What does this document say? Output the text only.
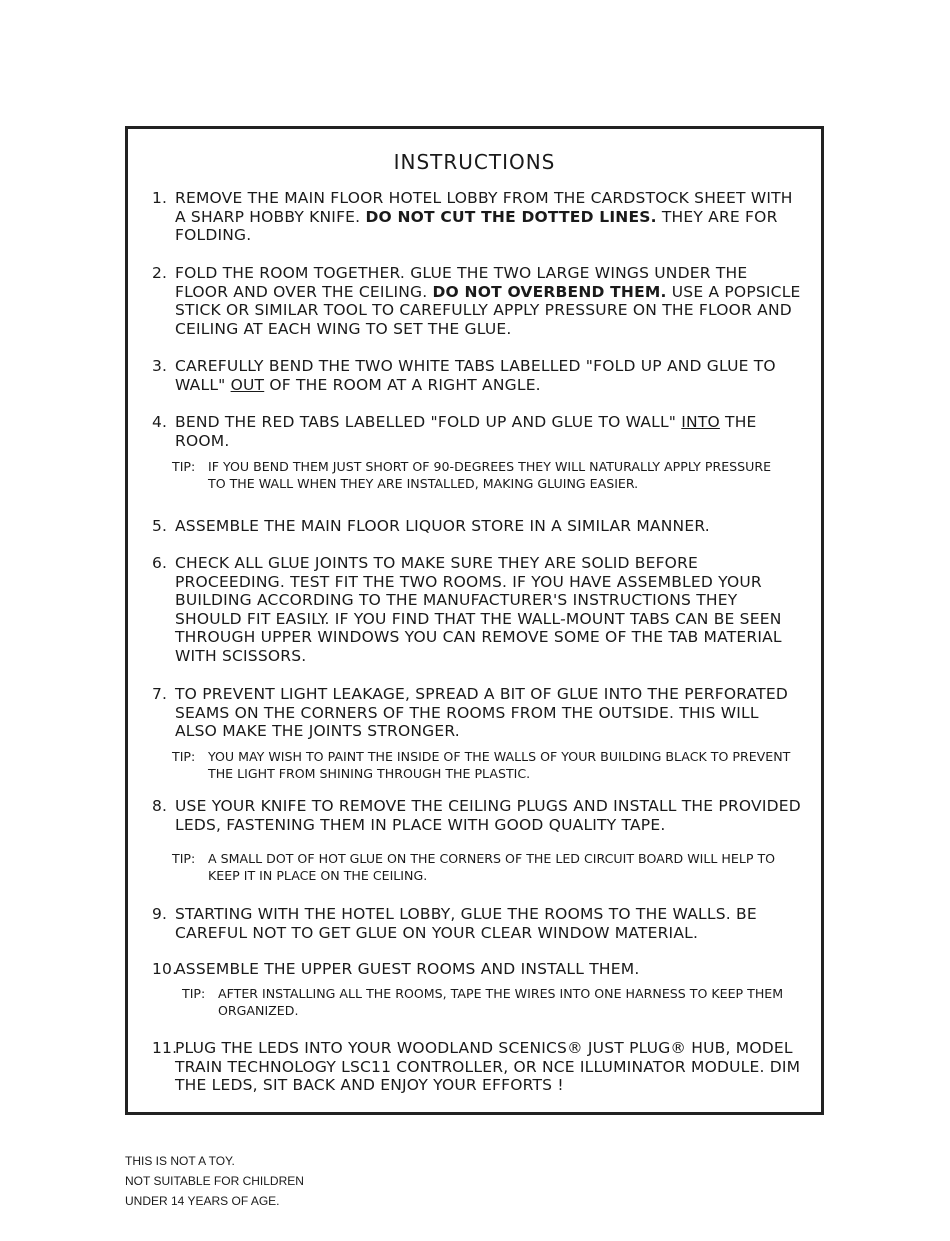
INSTRUCTIONS
1. REMOVE THE MAIN FLOOR HOTEL LOBBY FROM THE CARDSTOCK SHEET WITH A SHARP HOBBY KNIFE. DO NOT CUT THE DOTTED LINES. THEY ARE FOR FOLDING.
2. FOLD THE ROOM TOGETHER. GLUE THE TWO LARGE WINGS UNDER THE FLOOR AND OVER THE CEILING. DO NOT OVERBEND THEM. USE A POPSICLE STICK OR SIMILAR TOOL TO CAREFULLY APPLY PRESSURE ON THE FLOOR AND CEILING AT EACH WING TO SET THE GLUE.
3. CAREFULLY BEND THE TWO WHITE TABS LABELLED "FOLD UP AND GLUE TO WALL" OUT OF THE ROOM AT A RIGHT ANGLE.
4. BEND THE RED TABS LABELLED "FOLD UP AND GLUE TO WALL" INTO THE ROOM.
TIP:	IF YOU BEND THEM JUST SHORT OF 90-DEGREES THEY WILL NATURALLY APPLY PRESSURE TO THE WALL WHEN THEY ARE INSTALLED, MAKING GLUING EASIER.
5. ASSEMBLE THE MAIN FLOOR LIQUOR STORE IN A SIMILAR MANNER.
6. CHECK ALL GLUE JOINTS TO MAKE SURE THEY ARE SOLID BEFORE PROCEEDING. TEST FIT THE TWO ROOMS. IF YOU HAVE ASSEMBLED YOUR BUILDING ACCORDING TO THE MANUFACTURER'S INSTRUCTIONS THEY SHOULD FIT EASILY. IF YOU FIND THAT THE WALL-MOUNT TABS CAN BE SEEN THROUGH UPPER WINDOWS YOU CAN REMOVE SOME OF THE TAB MATERIAL WITH SCISSORS.
7. TO PREVENT LIGHT LEAKAGE, SPREAD A BIT OF GLUE INTO THE PERFORATED SEAMS ON THE CORNERS OF THE ROOMS FROM THE OUTSIDE. THIS WILL ALSO MAKE THE JOINTS STRONGER.
TIP:	YOU MAY WISH TO PAINT THE INSIDE OF THE WALLS OF YOUR BUILDING BLACK TO PREVENT THE LIGHT FROM SHINING THROUGH THE PLASTIC.
8. USE YOUR KNIFE TO REMOVE THE CEILING PLUGS AND INSTALL THE PROVIDED LEDS, FASTENING THEM IN PLACE WITH GOOD QUALITY TAPE.
TIP:	A SMALL DOT OF HOT GLUE ON THE CORNERS OF THE LED CIRCUIT BOARD WILL HELP TO KEEP IT IN PLACE ON THE CEILING.
9. STARTING WITH THE HOTEL LOBBY, GLUE THE ROOMS TO THE WALLS. BE CAREFUL NOT TO GET GLUE ON YOUR CLEAR WINDOW MATERIAL.
10.
ASSEMBLE THE UPPER GUEST ROOMS AND INSTALL THEM.
TIP:	AFTER INSTALLING ALL THE ROOMS, TAPE THE WIRES INTO ONE HARNESS TO KEEP THEM ORGANIZED.
11.
PLUG THE LEDS INTO YOUR WOODLAND SCENICS® JUST PLUG® HUB, MODEL TRAIN TECHNOLOGY LSC11 CONTROLLER, OR NCE ILLUMINATOR MODULE. DIM THE LEDS, SIT BACK AND ENJOY YOUR EFFORTS !
THIS IS NOT A TOY.
NOT SUITABLE FOR CHILDREN
UNDER 14 YEARS OF AGE.
